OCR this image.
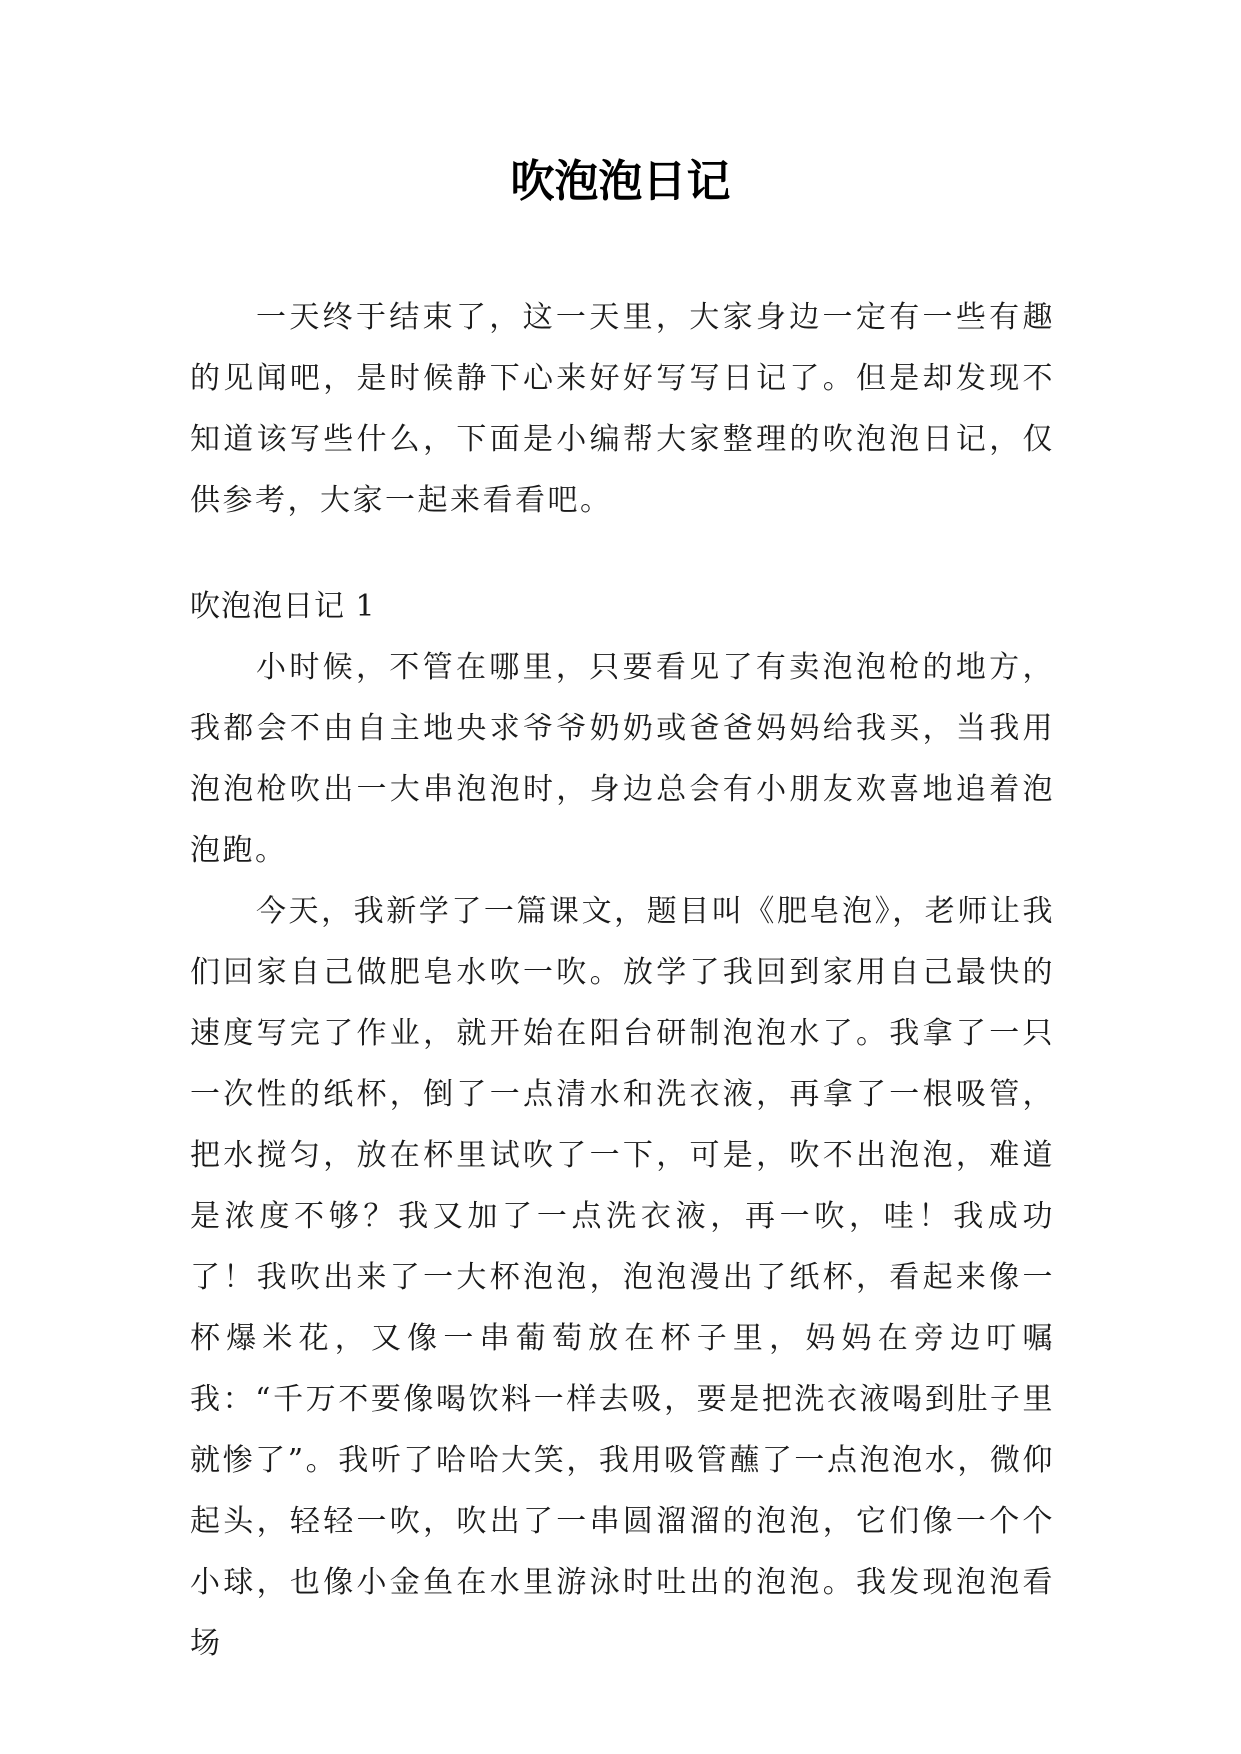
吹泡泡日记

一天终于结束了，这一天里，大家身边一定有一些有趣的见闻吧，是时候静下心来好好写写日记了。但是却发现不知道该写些什么，下面是小编帮大家整理的吹泡泡日记，仅供参考，大家一起来看看吧。

吹泡泡日记 1

小时候，不管在哪里，只要看见了有卖泡泡枪的地方，我都会不由自主地央求爷爷奶奶或爸爸妈妈给我买，当我用泡泡枪吹出一大串泡泡时，身边总会有小朋友欢喜地追着泡泡跑。

今天，我新学了一篇课文，题目叫《肥皂泡》，老师让我们回家自己做肥皂水吹一吹。放学了我回到家用自己最快的速度写完了作业，就开始在阳台研制泡泡水了。我拿了一只一次性的纸杯，倒了一点清水和洗衣液，再拿了一根吸管，把水搅匀，放在杯里试吹了一下，可是，吹不出泡泡，难道是浓度不够？我又加了一点洗衣液，再一吹，哇！我成功了！我吹出来了一大杯泡泡，泡泡漫出了纸杯，看起来像一杯爆米花，又像一串葡萄放在杯子里，妈妈在旁边叮嘱我：“千万不要像喝饮料一样去吸，要是把洗衣液喝到肚子里就惨了”。我听了哈哈大笑，我用吸管蘸了一点泡泡水，微仰起头，轻轻一吹，吹出了一串圆溜溜的泡泡，它们像一个个小球，也像小金鱼在水里游泳时吐出的泡泡。我发现泡泡看场
